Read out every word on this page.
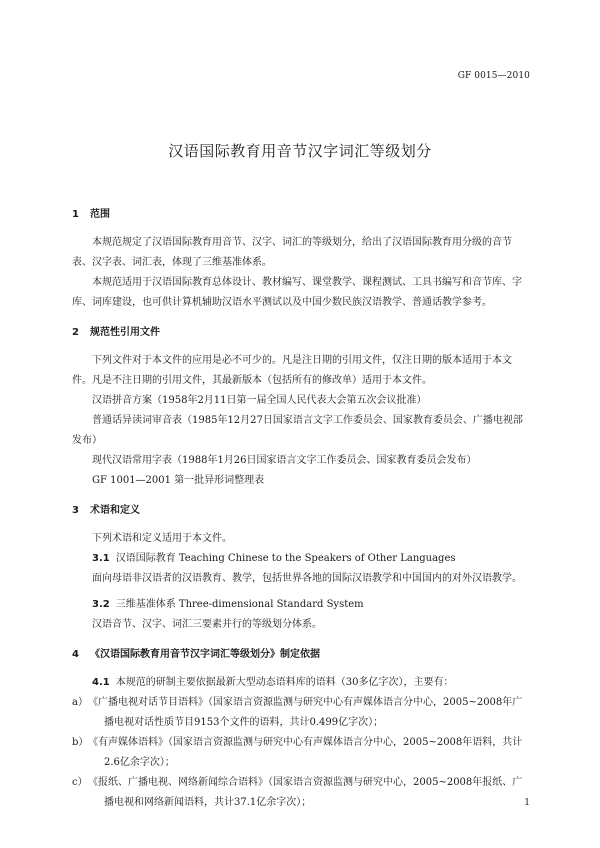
GF 0015—2010
汉语国际教育用音节汉字词汇等级划分
1 范围

本规范规定了汉语国际教育用音节、汉字、词汇的等级划分，给出了汉语国际教育用分级的音节表、汉字表、词汇表，体现了三维基准体系。

本规范适用于汉语国际教育总体设计、教材编写、课堂教学、课程测试、工具书编写和音节库、字库、词库建设，也可供计算机辅助汉语水平测试以及中国少数民族汉语教学、普通话教学参考。

2 规范性引用文件

下列文件对于本文件的应用是必不可少的。凡是注日期的引用文件，仅注日期的版本适用于本文件。凡是不注日期的引用文件，其最新版本（包括所有的修改单）适用于本文件。

汉语拼音方案（1958年2月11日第一届全国人民代表大会第五次会议批准）

普通话异读词审音表（1985年12月27日国家语言文字工作委员会、国家教育委员会、广播电视部发布）

现代汉语常用字表（1988年1月26日国家语言文字工作委员会、国家教育委员会发布）

GF 1001—2001 第一批异形词整理表

3 术语和定义

下列术语和定义适用于本文件。

3.1 汉语国际教育 Teaching Chinese to the Speakers of Other Languages

面向母语非汉语者的汉语教育、教学，包括世界各地的国际汉语教学和中国国内的对外汉语教学。

3.2 三维基准体系 Three-dimensional Standard System

汉语音节、汉字、词汇三要素并行的等级划分体系。

4 《汉语国际教育用音节汉字词汇等级划分》制定依据

4.1 本规范的研制主要依据最新大型动态语料库的语料（30多亿字次），主要有：

a）《广播电视对话节目语料》（国家语言资源监测与研究中心有声媒体语言分中心，2005~2008年广播电视对话性质节目9153个文件的语料，共计0.499亿字次）；

b）《有声媒体语料》（国家语言资源监测与研究中心有声媒体语言分中心，2005~2008年语料，共计2.6亿余字次）；

c）《报纸、广播电视、网络新闻综合语料》（国家语言资源监测与研究中心，2005~2008年报纸、广播电视和网络新闻语料，共计37.1亿余字次）；	1
